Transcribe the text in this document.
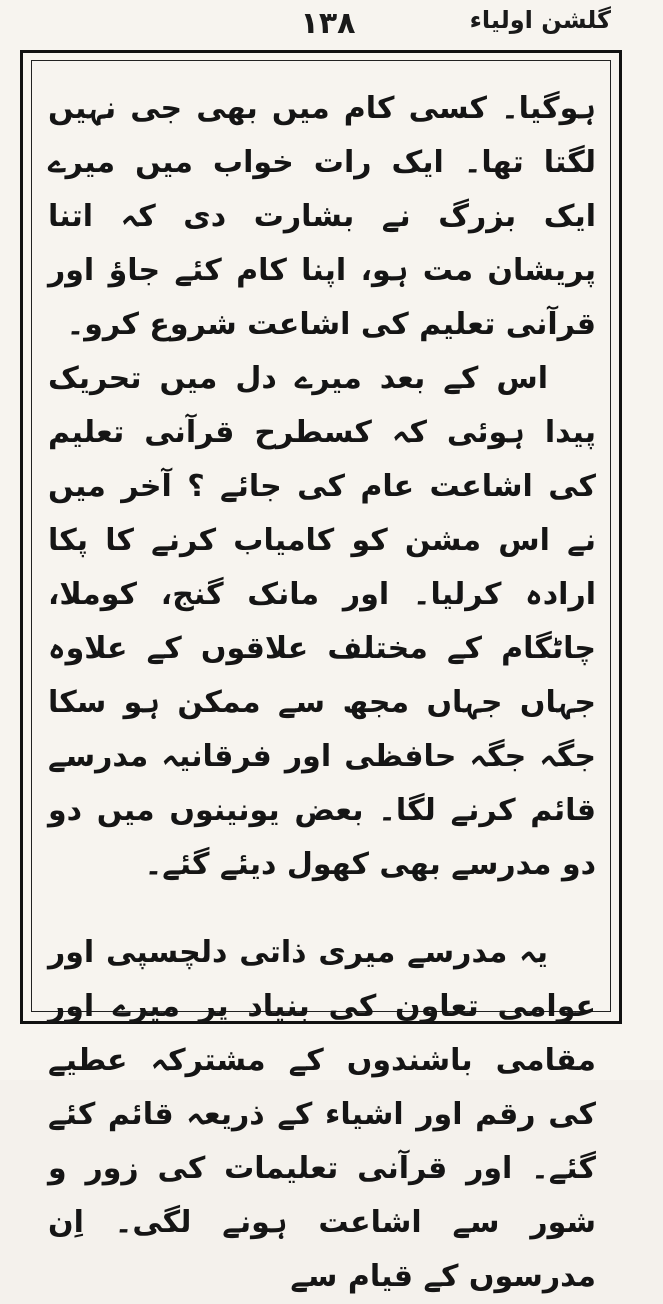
۱۳۸	گلشن اولیاء

ہوگیا۔ کسی کام میں بھی جی نہیں لگتا تھا۔ ایک رات خواب میں میرے ایک بزرگ نے بشارت دی کہ اتنا پریشان مت ہو، اپنا کام کئے جاؤ اور قرآنی تعلیم کی اشاعت شروع کرو۔

اس کے بعد میرے دل میں تحریک پیدا ہوئی کہ کسطرح قرآنی تعلیم کی اشاعت عام کی جائے ؟ آخر میں نے اس مشن کو کامیاب کرنے کا پکا ارادہ کرلیا۔ اور مانک گنج، کوملا، چاٹگام کے مختلف علاقوں کے علاوہ جہاں جہاں مجھ سے ممکن ہو سکا جگہ جگہ حافظی اور فرقانیہ مدرسے قائم کرنے لگا۔ بعض یونینوں میں دو دو مدرسے بھی کھول دیئے گئے۔

یہ مدرسے میری ذاتی دلچسپی اور عوامی تعاون کی بنیاد پر میرے اور مقامی باشندوں کے مشترکہ عطیے کی رقم اور اشیاء کے ذریعہ قائم کئے گئے۔ اور قرآنی تعلیمات کی زور و شور سے اشاعت ہونے لگی۔ اِن مدرسوں کے قیام سے
